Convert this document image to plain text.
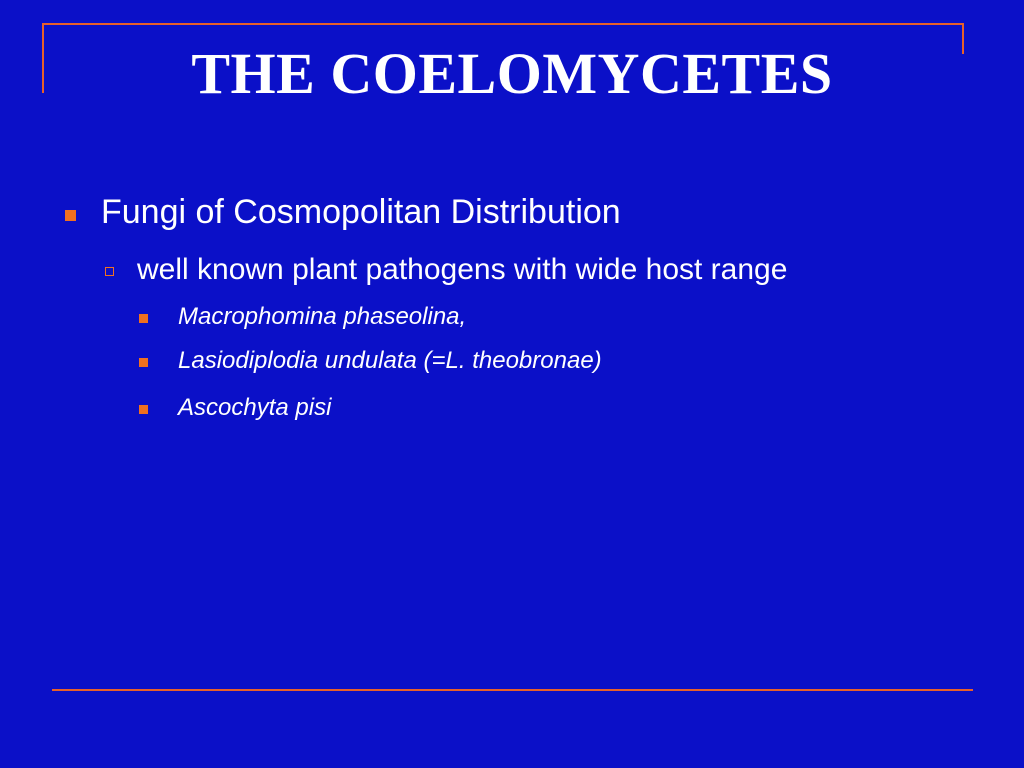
THE COELOMYCETES
Fungi of Cosmopolitan Distribution
well known plant pathogens with wide host range
Macrophomina phaseolina,
Lasiodiplodia undulata (=L. theobronae)
Ascochyta pisi
